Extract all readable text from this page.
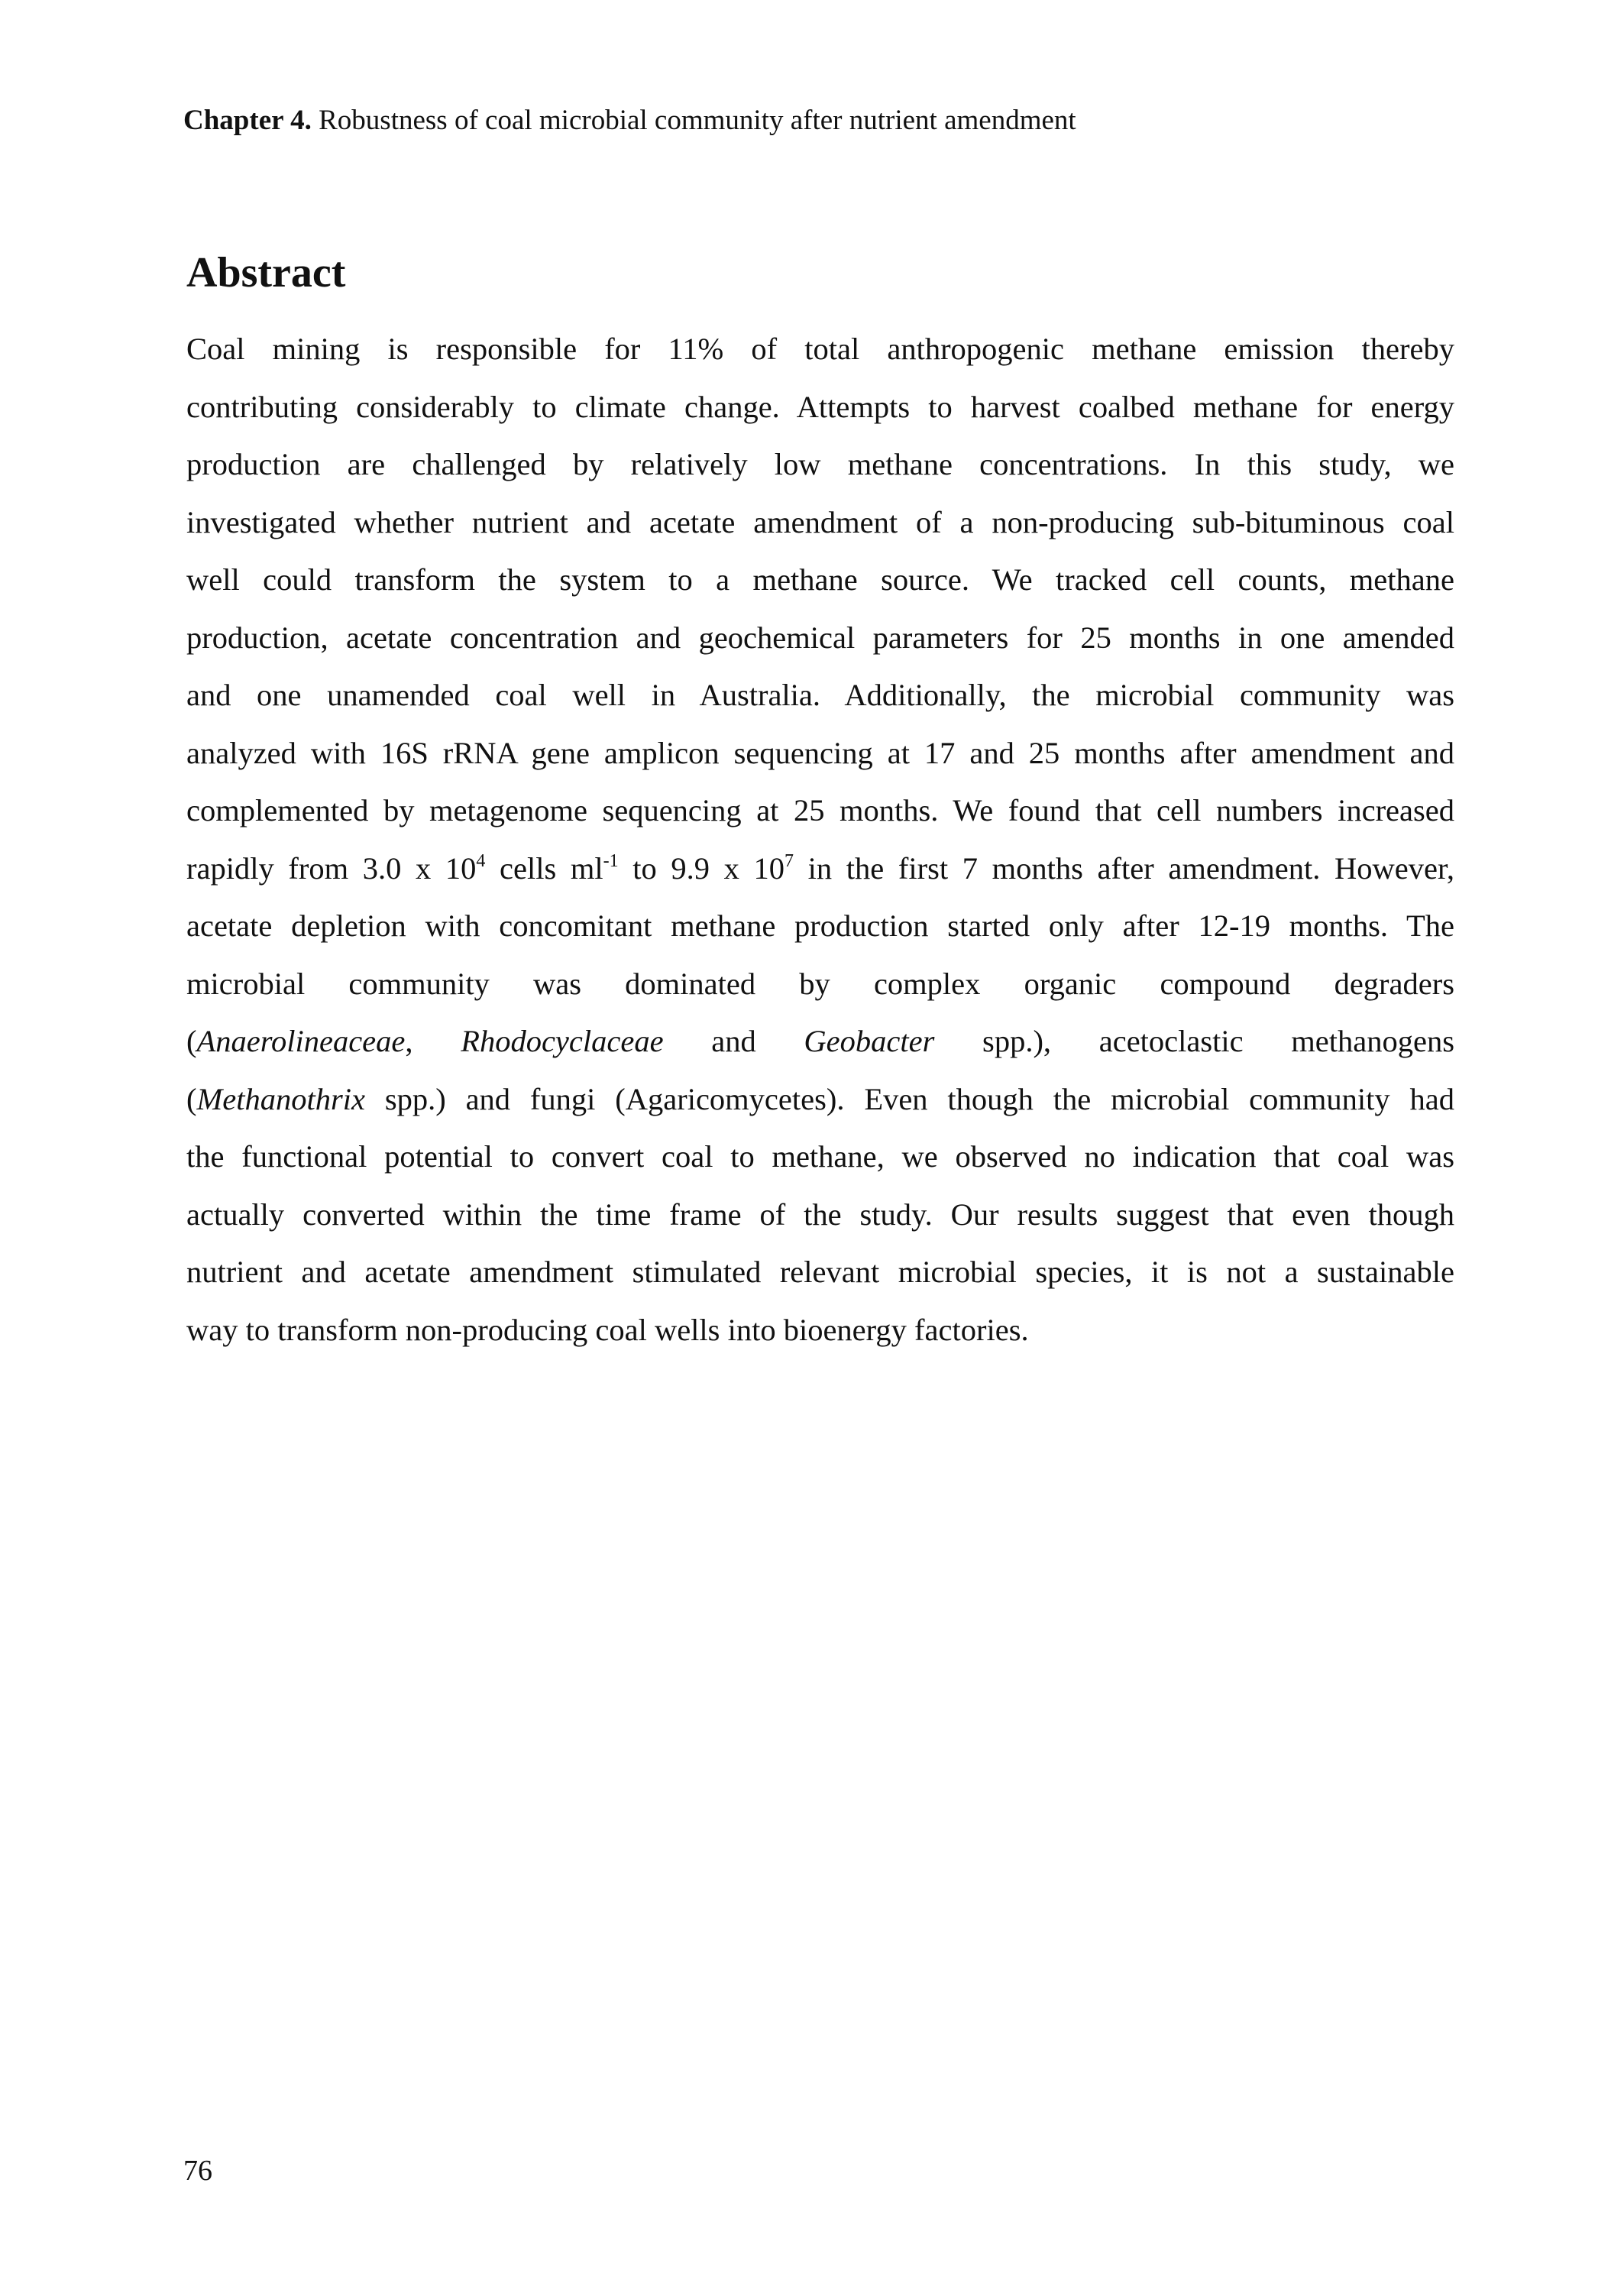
Chapter 4. Robustness of coal microbial community after nutrient amendment
Abstract
Coal mining is responsible for 11% of total anthropogenic methane emission thereby
contributing considerably to climate change. Attempts to harvest coalbed methane for energy
production are challenged by relatively low methane concentrations. In this study, we
investigated whether nutrient and acetate amendment of a non-producing sub-bituminous coal
well could transform the system to a methane source. We tracked cell counts, methane
production, acetate concentration and geochemical parameters for 25 months in one amended
and one unamended coal well in Australia. Additionally, the microbial community was
analyzed with 16S rRNA gene amplicon sequencing at 17 and 25 months after amendment and
complemented by metagenome sequencing at 25 months. We found that cell numbers increased
rapidly from 3.0 x $10^4$ cells $ml^{-1}$ to 9.9 x $10^7$ in the first 7 months after amendment. However,
acetate depletion with concomitant methane production started only after 12-19 months. The
microbial community was dominated by complex organic compound degraders
(Anaerolineaceae, Rhodocyclaceae and Geobacter spp.), acetoclastic methanogens
(Methanothrix spp.) and fungi (Agaricomycetes). Even though the microbial community had
the functional potential to convert coal to methane, we observed no indication that coal was
actually converted within the time frame of the study. Our results suggest that even though
nutrient and acetate amendment stimulated relevant microbial species, it is not a sustainable
way to transform non-producing coal wells into bioenergy factories.
76
